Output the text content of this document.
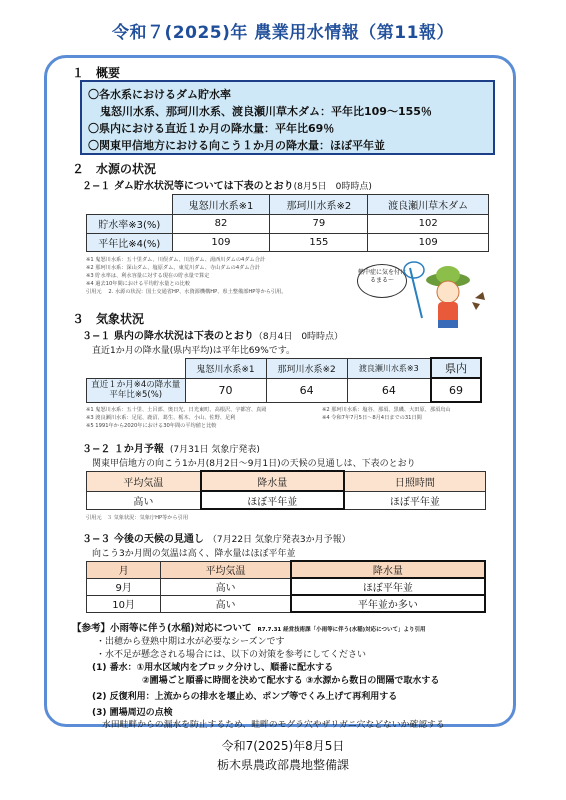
令和７(2025)年 農業用水情報（第11報）
１　概要
〇各水系におけるダム貯水率
鬼怒川水系、那珂川水系、渡良瀬川草木ダム：平年比109～155％
〇県内における直近１か月の降水量：平年比69％
〇関東甲信地方における向こう１か月の降水量：ほぼ平年並
２　水源の状況
２−１ ダム貯水状況等については下表のとおり(8月5日　0時時点)
	鬼怒川水系※1	那珂川水系※2	渡良瀬川草木ダム
貯水率※3(%)	82	79	102
平年比※4(%)	109	155	109
※1 鬼怒川水系：五十里ダム、川俣ダム、川治ダム、湯西川ダムの4ダム合計
※2 那珂川水系：深山ダム、塩原ダム、東荒川ダム、寺山ダムの4ダム合計
※3 貯水率は、利水容量に対する現在の貯水量で算定
※4 過去10年間における平均貯水量との比較
引用元　 2. 水源の状況：国土交通省HP、水資源機構HP、県土整備部HP等から引用。
熱中症に気を付けるまる～
３　気象状況
３−１ 県内の降水状況は下表のとおり（8月4日　0時時点）
直近1か月の降水量(県内平均)は平年比69%です。
	鬼怒川水系※1	那珂川水系※2	渡良瀬川水系※3	県内
直近１か月※4の降水量平年比※5(%)	70	64	64	69
※1 鬼怒川水系：五十里、土呂部、奥日光、日光東町、高根沢、宇都宮、真岡
※3 渡良瀬川水系：足尾、鹿沼、葛生、栃木、小山、佐野、足利
※5 1991年から2020年における30年間の平均値と比較
※2 那珂川水系：塩谷、那須、黒磯、大田原、那須烏山
※4 令和7年7月5日～8月4日までの31日間
３−２ １か月予報 (7月31日 気象庁発表)
関東甲信地方の向こう1か月(8月2日～9月1日)の天候の見通しは、下表のとおり
平均気温	降水量	日照時間
高い	ほぼ平年並	ほぼ平年並
引用元　３ 気象状況：気象庁HP等から引用
３−３ 今後の天候の見通し （7月22日 気象庁発表3か月予報）
向こう3か月間の気温は高く、降水量はほぼ平年並
月	平均気温	降水量
9月	高い	ほぼ平年並
10月	高い	平年並か多い
【参考】小雨等に伴う(水稲)対応について R7.7.31 経営技術課「小雨等に伴う(水稲)対応について」より引用
・出穂から登熟中期は水が必要なシーズンです
・水不足が懸念される場合には、以下の対策を参考にしてください
(1) 番水：①用水区域内をブロック分けし、順番に配水する
②圃場ごと順番に時間を決めて配水する ③水源から数日の間隔で取水する
(2) 反復利用：上流からの排水を堰止め、ポンプ等でくみ上げて再利用する
(3) 圃場周辺の点検
水田畦畔からの漏水を防止するため、畦畔のモグラ穴やザリガニ穴などないか確認する
令和7(2025)年8月5日
栃木県農政部農地整備課
